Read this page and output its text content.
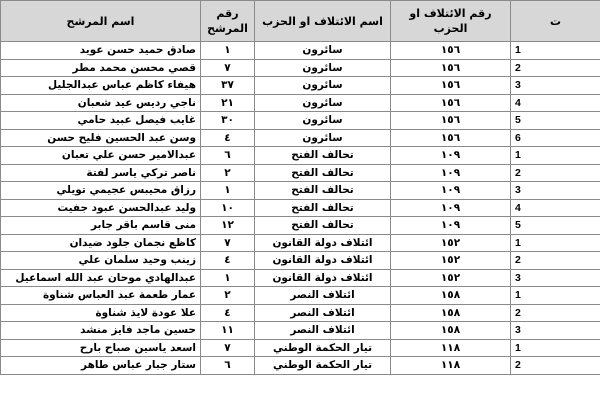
ت	رقم الائتلاف او الحزب	اسم الائتلاف او الحزب	رقم المرشح	اسم المرشح
1	١٥٦	سائرون	١	صادق حميد حسن عويد
2	١٥٦	سائرون	٧	قصي محسن محمد مطر
3	١٥٦	سائرون	٣٧	هيفاء كاظم عباس عبدالجليل
4	١٥٦	سائرون	٢١	ناجي رديس عيد شعبان
5	١٥٦	سائرون	٣٠	غايب فيصل عبيد حامي
6	١٥٦	سائرون	٤	وسن عبد الحسين فليح حسن
1	١٠٩	تحالف الفتح	٦	عبدالامير حسن علي تعبان
2	١٠٩	تحالف الفتح	٢	ناصر تركي ياسر لفتة
3	١٠٩	تحالف الفتح	١	رزاق محيبس عجيمي تويلي
4	١٠٩	تحالف الفتح	١٠	وليد عبدالحسن عبود جفيت
5	١٠٩	تحالف الفتح	١٢	منى قاسم باقر جابر
1	١٥٢	ائتلاف دولة القانون	٧	كاظع نجمان جلود ضيدان
2	١٥٢	ائتلاف دولة القانون	٤	زينب وحيد سلمان علي
3	١٥٢	ائتلاف دولة القانون	١	عبدالهادي موحان عبد الله اسماعيل
1	١٥٨	ائتلاف النصر	٢	عمار طعمة عبد العباس شناوة
2	١٥٨	ائتلاف النصر	٤	علا عودة لايذ شناوة
3	١٥٨	ائتلاف النصر	١١	حسين ماجد فايز منشد
1	١١٨	تيار الحكمة الوطني	٧	اسعد ياسين صباح بارح
2	١١٨	تيار الحكمة الوطني	٦	ستار جبار عباس طاهر
